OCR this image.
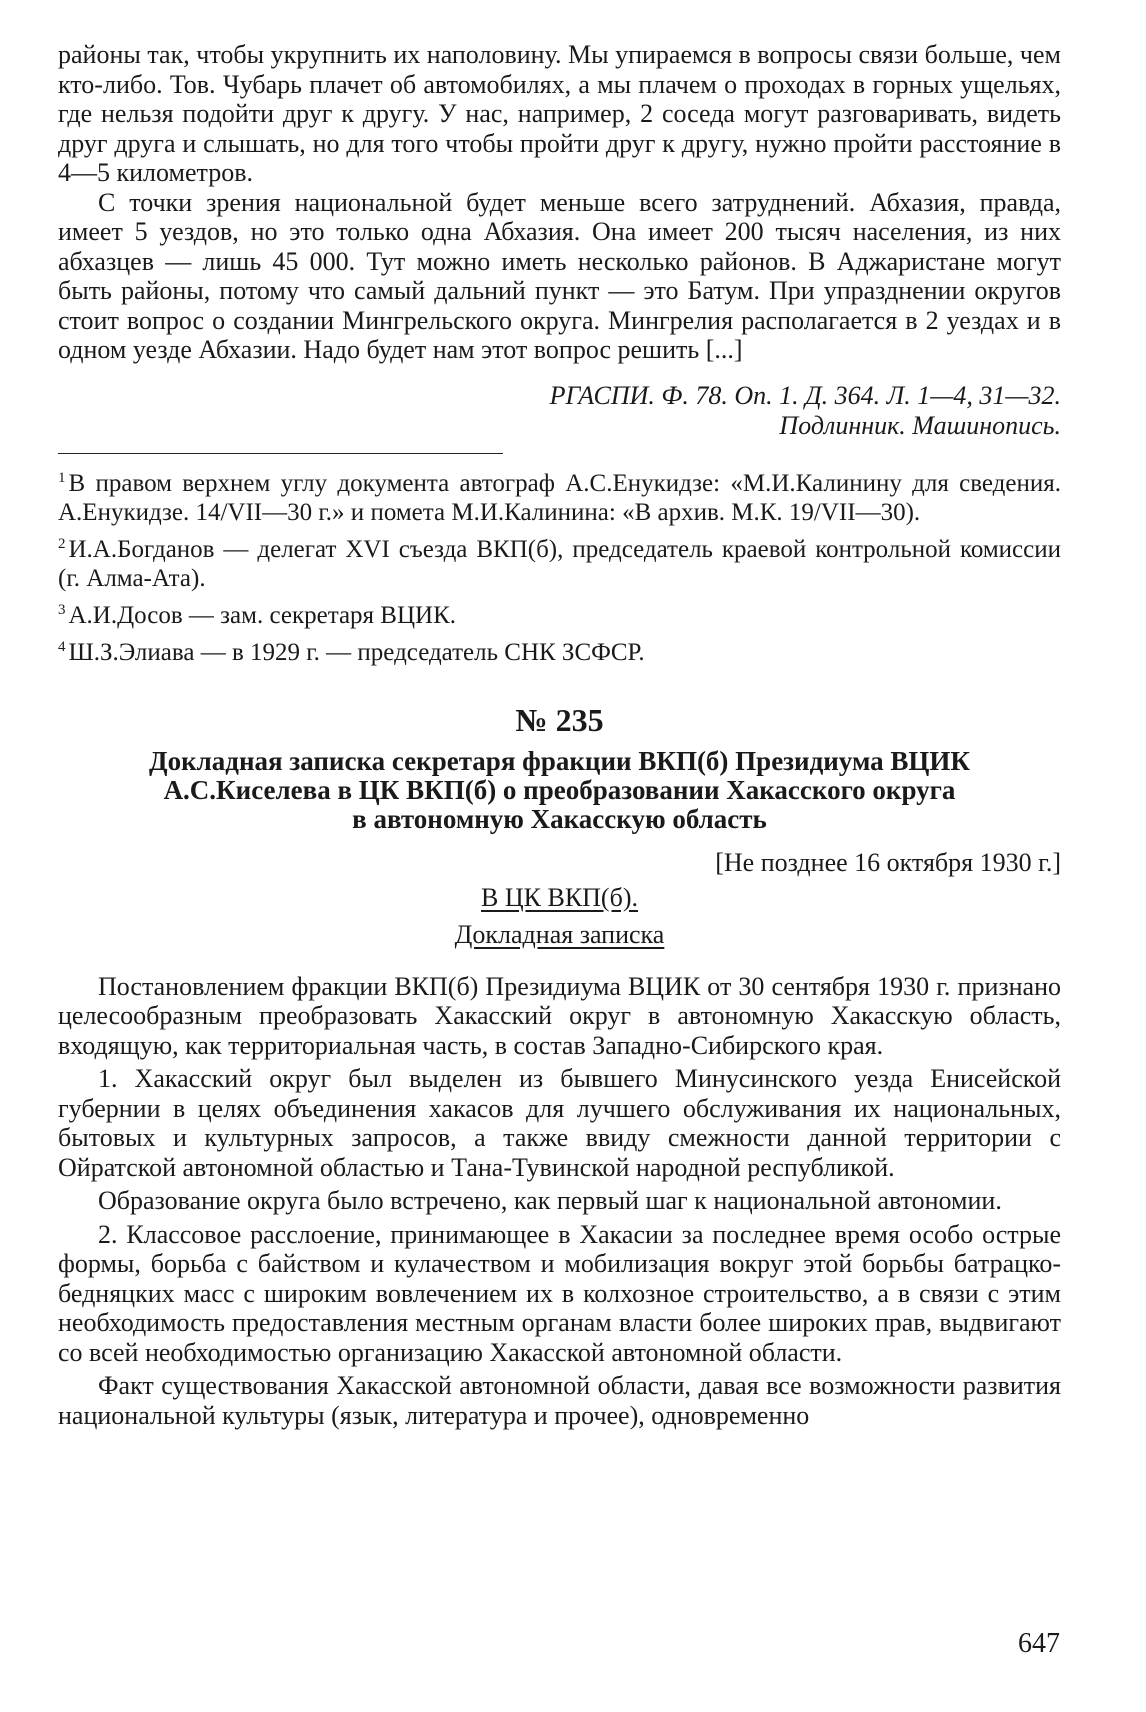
районы так, чтобы укрупнить их наполовину. Мы упираемся в вопросы связи больше, чем кто-либо. Тов. Чубарь плачет об автомобилях, а мы плачем о проходах в горных ущельях, где нельзя подойти друг к другу. У нас, например, 2 соседа могут разговаривать, видеть друг друга и слышать, но для того чтобы пройти друг к другу, нужно пройти расстояние в 4—5 километров.

С точки зрения национальной будет меньше всего затруднений. Абхазия, правда, имеет 5 уездов, но это только одна Абхазия. Она имеет 200 тысяч населения, из них абхазцев — лишь 45 000. Тут можно иметь несколько районов. В Аджаристане могут быть районы, потому что самый дальний пункт — это Батум. При упразднении округов стоит вопрос о создании Мингрельского округа. Мингрелия располагается в 2 уездах и в одном уезде Абхазии. Надо будет нам этот вопрос решить [...]

РГАСПИ. Ф. 78. Оп. 1. Д. 364. Л. 1—4, 31—32.
Подлинник. Машинопись.
$^1$ В правом верхнем углу документа автограф А.С.Енукидзе: «М.И.Калинину для сведения. А.Енукидзе. 14/VII—30 г.» и помета М.И.Калинина: «В архив. М.К. 19/VII—30).
$^2$ И.А.Богданов — делегат XVI съезда ВКП(б), председатель краевой контрольной комиссии (г. Алма-Ата).
$^3$ А.И.Досов — зам. секретаря ВЦИК.
$^4$ Ш.З.Элиава — в 1929 г. — председатель СНК ЗСФСР.
№ 235
Докладная записка секретаря фракции ВКП(б) Президиума ВЦИК
А.С.Киселева в ЦК ВКП(б) о преобразовании Хакасского округа
в автономную Хакасскую область
[Не позднее 16 октября 1930 г.]
В ЦК ВКП(б).
Докладная записка

Постановлением фракции ВКП(б) Президиума ВЦИК от 30 сентября 1930 г. признано целесообразным преобразовать Хакасский округ в автономную Хакасскую область, входящую, как территориальная часть, в состав Западно-Сибирского края.

1. Хакасский округ был выделен из бывшего Минусинского уезда Енисейской губернии в целях объединения хакасов для лучшего обслуживания их национальных, бытовых и культурных запросов, а также ввиду смежности данной территории с Ойратской автономной областью и Тана-Тувинской народной республикой.

Образование округа было встречено, как первый шаг к национальной автономии.

2. Классовое расслоение, принимающее в Хакасии за последнее время особо острые формы, борьба с байством и кулачеством и мобилизация вокруг этой борьбы батрацко-бедняцких масс с широким вовлечением их в колхозное строительство, а в связи с этим необходимость предоставления местным органам власти более широких прав, выдвигают со всей необходимостью организацию Хакасской автономной области.

Факт существования Хакасской автономной области, давая все возможности развития национальной культуры (язык, литература и прочее), одновременно

647
